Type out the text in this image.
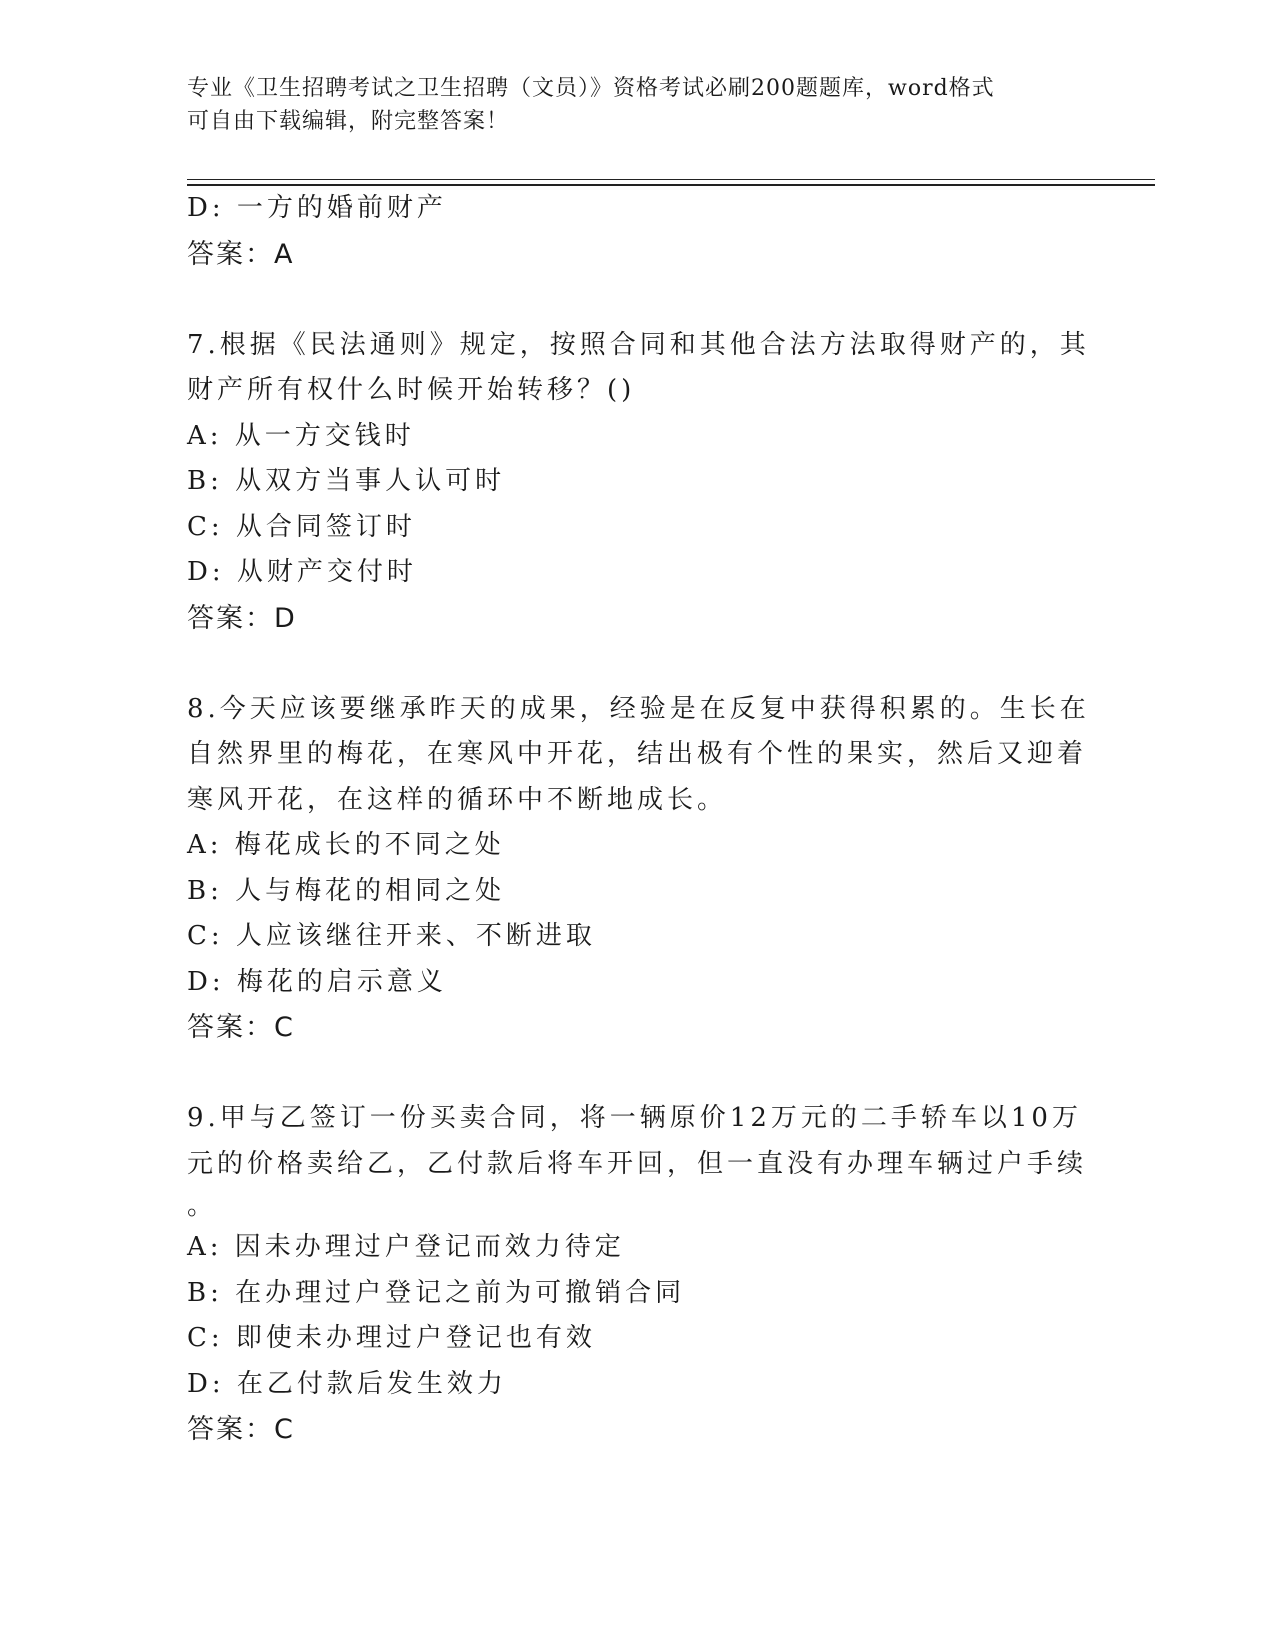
专业《卫生招聘考试之卫生招聘（文员）》资格考试必刷200题题库，word格式
可自由下载编辑，附完整答案！

D: 一方的婚前财产

答案：A

7.根据《民法通则》规定，按照合同和其他合法方法取得财产的，其

财产所有权什么时候开始转移？()

A: 从一方交钱时

B: 从双方当事人认可时

C: 从合同签订时

D: 从财产交付时

答案：D

8.今天应该要继承昨天的成果，经验是在反复中获得积累的。生长在

自然界里的梅花，在寒风中开花，结出极有个性的果实，然后又迎着

寒风开花，在这样的循环中不断地成长。

A: 梅花成长的不同之处

B: 人与梅花的相同之处

C: 人应该继往开来、不断进取

D: 梅花的启示意义

答案：C

9.甲与乙签订一份买卖合同，将一辆原价12万元的二手轿车以10万

元的价格卖给乙，乙付款后将车开回，但一直没有办理车辆过户手续

。

A: 因未办理过户登记而效力待定

B: 在办理过户登记之前为可撤销合同

C: 即使未办理过户登记也有效

D: 在乙付款后发生效力

答案：C
